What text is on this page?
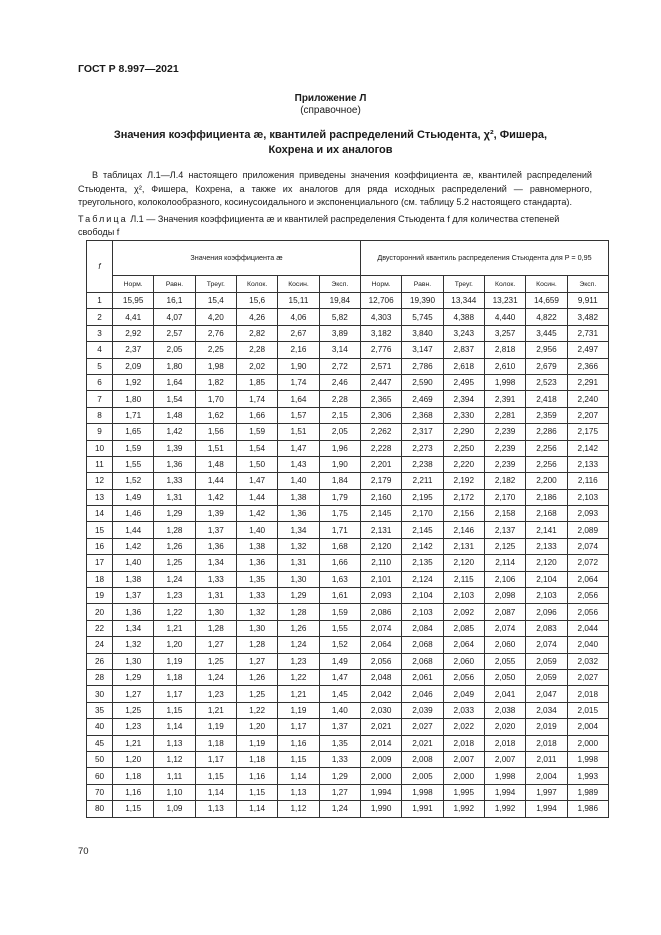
ГОСТ Р 8.997—2021
Приложение Л
(справочное)
Значения коэффициента æ, квантилей распределений Стьюдента, χ², Фишера,
Кохрена и их аналогов
В таблицах Л.1—Л.4 настоящего приложения приведены значения коэффициента æ, квантилей распределений Стьюдента, χ², Фишера, Кохрена, а также их аналогов для ряда исходных распределений — равномерного, треугольного, колоколообразного, косинусоидального и экспоненциального (см. таблицу 5.2 настоящего стандарта).
Таблица Л.1 — Значения коэффициента æ и квантилей распределения Стьюдента f для количества степеней свободы f
f	Значения коэффициента æ						Двусторонний квантиль распределения Стьюдента для P = 0,95					
	Норм.	Равн.	Треуг.	Колок.	Косин.	Эксп.	Норм.	Равн.	Треуг.	Колок.	Косин.	Эксп.
1	15,95	16,1	15,4	15,6	15,11	19,84	12,706	19,390	13,344	13,231	14,659	9,911
2	4,41	4,07	4,20	4,26	4,06	5,82	4,303	5,745	4,388	4,440	4,822	3,482
3	2,92	2,57	2,76	2,82	2,67	3,89	3,182	3,840	3,243	3,257	3,445	2,731
4	2,37	2,05	2,25	2,28	2,16	3,14	2,776	3,147	2,837	2,818	2,956	2,497
5	2,09	1,80	1,98	2,02	1,90	2,72	2,571	2,786	2,618	2,610	2,679	2,366
6	1,92	1,64	1,82	1,85	1,74	2,46	2,447	2,590	2,495	1,998	2,523	2,291
7	1,80	1,54	1,70	1,74	1,64	2,28	2,365	2,469	2,394	2,391	2,418	2,240
8	1,71	1,48	1,62	1,66	1,57	2,15	2,306	2,368	2,330	2,281	2,359	2,207
9	1,65	1,42	1,56	1,59	1,51	2,05	2,262	2,317	2,290	2,239	2,286	2,175
10	1,59	1,39	1,51	1,54	1,47	1,96	2,228	2,273	2,250	2,239	2,256	2,142
11	1,55	1,36	1,48	1,50	1,43	1,90	2,201	2,238	2,220	2,239	2,256	2,133
12	1,52	1,33	1,44	1,47	1,40	1,84	2,179	2,211	2,192	2,182	2,200	2,116
13	1,49	1,31	1,42	1,44	1,38	1,79	2,160	2,195	2,172	2,170	2,186	2,103
14	1,46	1,29	1,39	1,42	1,36	1,75	2,145	2,170	2,156	2,158	2,168	2,093
15	1,44	1,28	1,37	1,40	1,34	1,71	2,131	2,145	2,146	2,137	2,141	2,089
16	1,42	1,26	1,36	1,38	1,32	1,68	2,120	2,142	2,131	2,125	2,133	2,074
17	1,40	1,25	1,34	1,36	1,31	1,66	2,110	2,135	2,120	2,114	2,120	2,072
18	1,38	1,24	1,33	1,35	1,30	1,63	2,101	2,124	2,115	2,106	2,104	2,064
19	1,37	1,23	1,31	1,33	1,29	1,61	2,093	2,104	2,103	2,098	2,103	2,056
20	1,36	1,22	1,30	1,32	1,28	1,59	2,086	2,103	2,092	2,087	2,096	2,056
22	1,34	1,21	1,28	1,30	1,26	1,55	2,074	2,084	2,085	2,074	2,083	2,044
24	1,32	1,20	1,27	1,28	1,24	1,52	2,064	2,068	2,064	2,060	2,074	2,040
26	1,30	1,19	1,25	1,27	1,23	1,49	2,056	2,068	2,060	2,055	2,059	2,032
28	1,29	1,18	1,24	1,26	1,22	1,47	2,048	2,061	2,056	2,050	2,059	2,027
30	1,27	1,17	1,23	1,25	1,21	1,45	2,042	2,046	2,049	2,041	2,047	2,018
35	1,25	1,15	1,21	1,22	1,19	1,40	2,030	2,039	2,033	2,038	2,034	2,015
40	1,23	1,14	1,19	1,20	1,17	1,37	2,021	2,027	2,022	2,020	2,019	2,004
45	1,21	1,13	1,18	1,19	1,16	1,35	2,014	2,021	2,018	2,018	2,018	2,000
50	1,20	1,12	1,17	1,18	1,15	1,33	2,009	2,008	2,007	2,007	2,011	1,998
60	1,18	1,11	1,15	1,16	1,14	1,29	2,000	2,005	2,000	1,998	2,004	1,993
70	1,16	1,10	1,14	1,15	1,13	1,27	1,994	1,998	1,995	1,994	1,997	1,989
80	1,15	1,09	1,13	1,14	1,12	1,24	1,990	1,991	1,992	1,992	1,994	1,986
70
